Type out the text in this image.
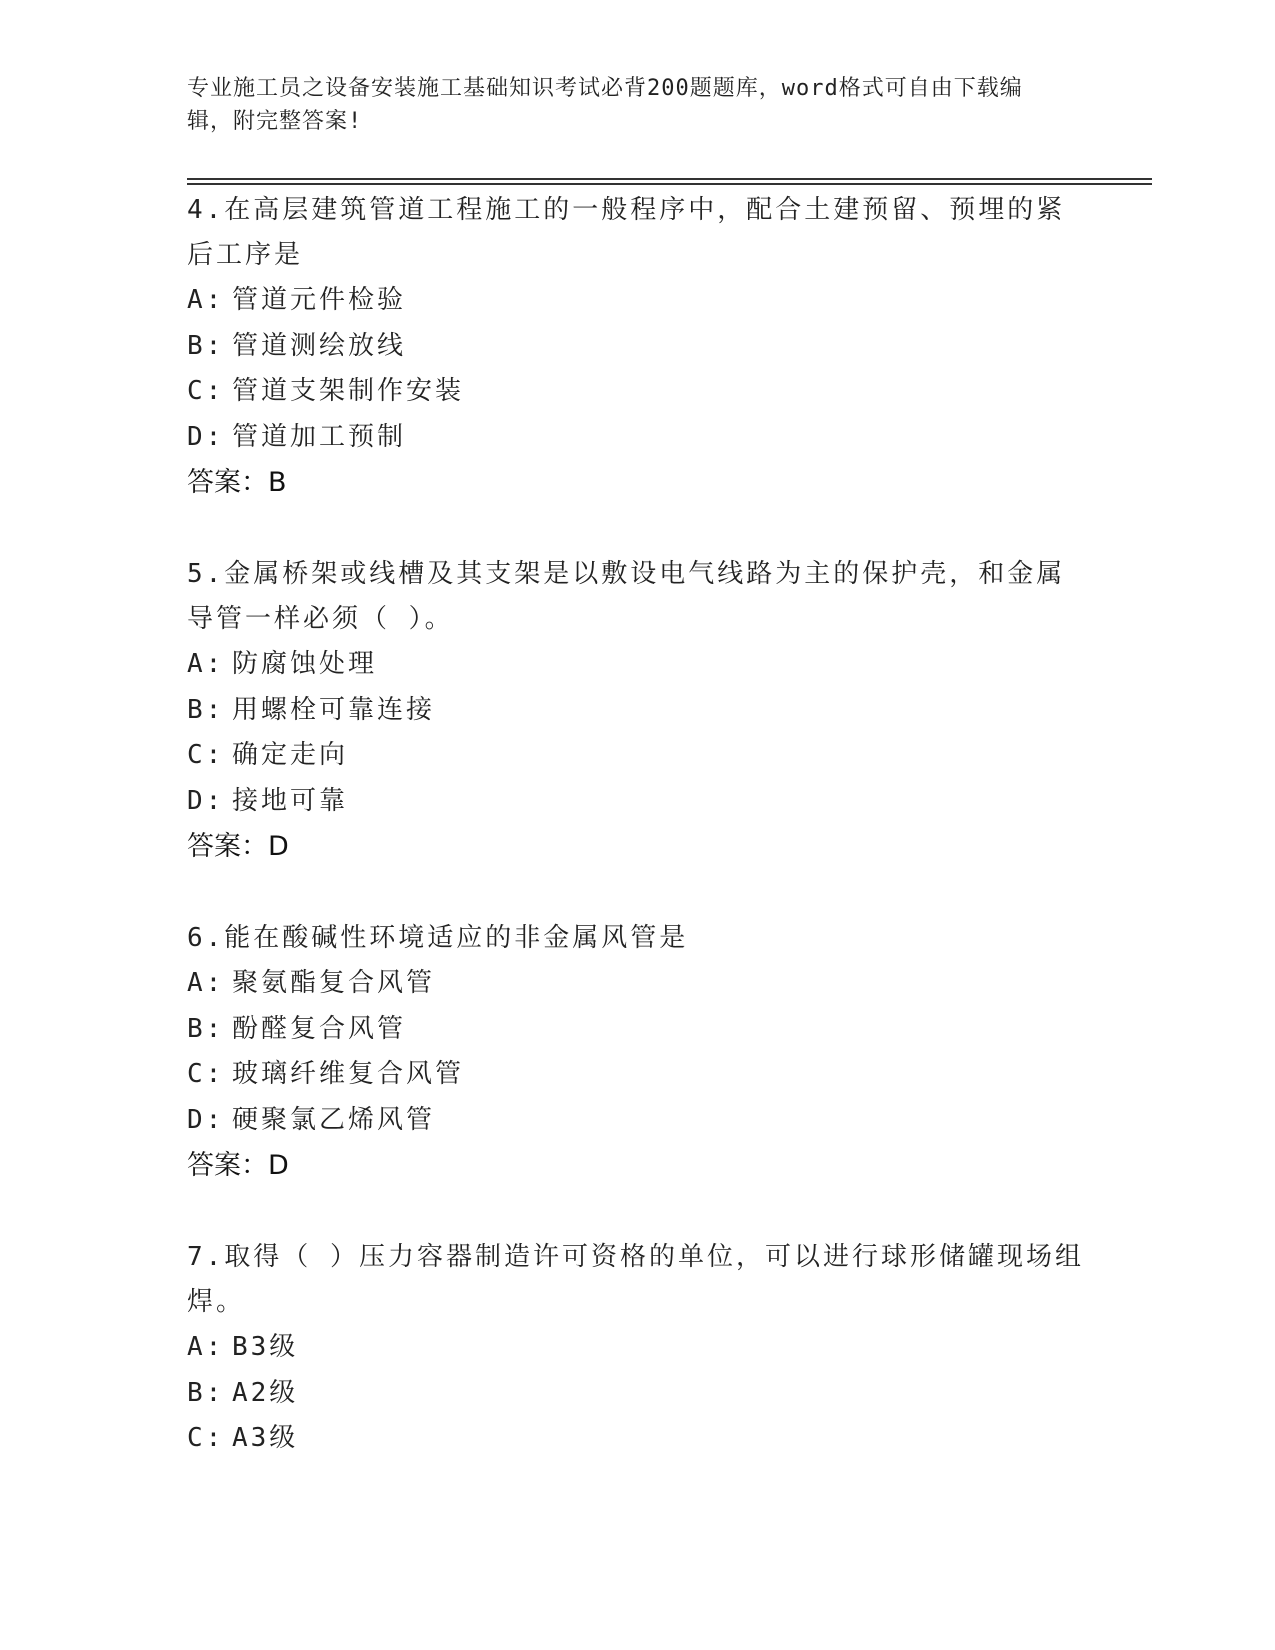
专业施工员之设备安装施工基础知识考试必背200题题库，word格式可自由下载编辑，附完整答案!
4.在高层建筑管道工程施工的一般程序中，配合土建预留、预埋的紧后工序是
A: 管道元件检验
B: 管道测绘放线
C: 管道支架制作安装
D: 管道加工预制
答案：B
5.金属桥架或线槽及其支架是以敷设电气线路为主的保护壳，和金属导管一样必须（ ）。
A: 防腐蚀处理
B: 用螺栓可靠连接
C: 确定走向
D: 接地可靠
答案：D
6.能在酸碱性环境适应的非金属风管是
A: 聚氨酯复合风管
B: 酚醛复合风管
C: 玻璃纤维复合风管
D: 硬聚氯乙烯风管
答案：D
7.取得（ ）压力容器制造许可资格的单位，可以进行球形储罐现场组焊。
A: B3级
B: A2级
C: A3级
